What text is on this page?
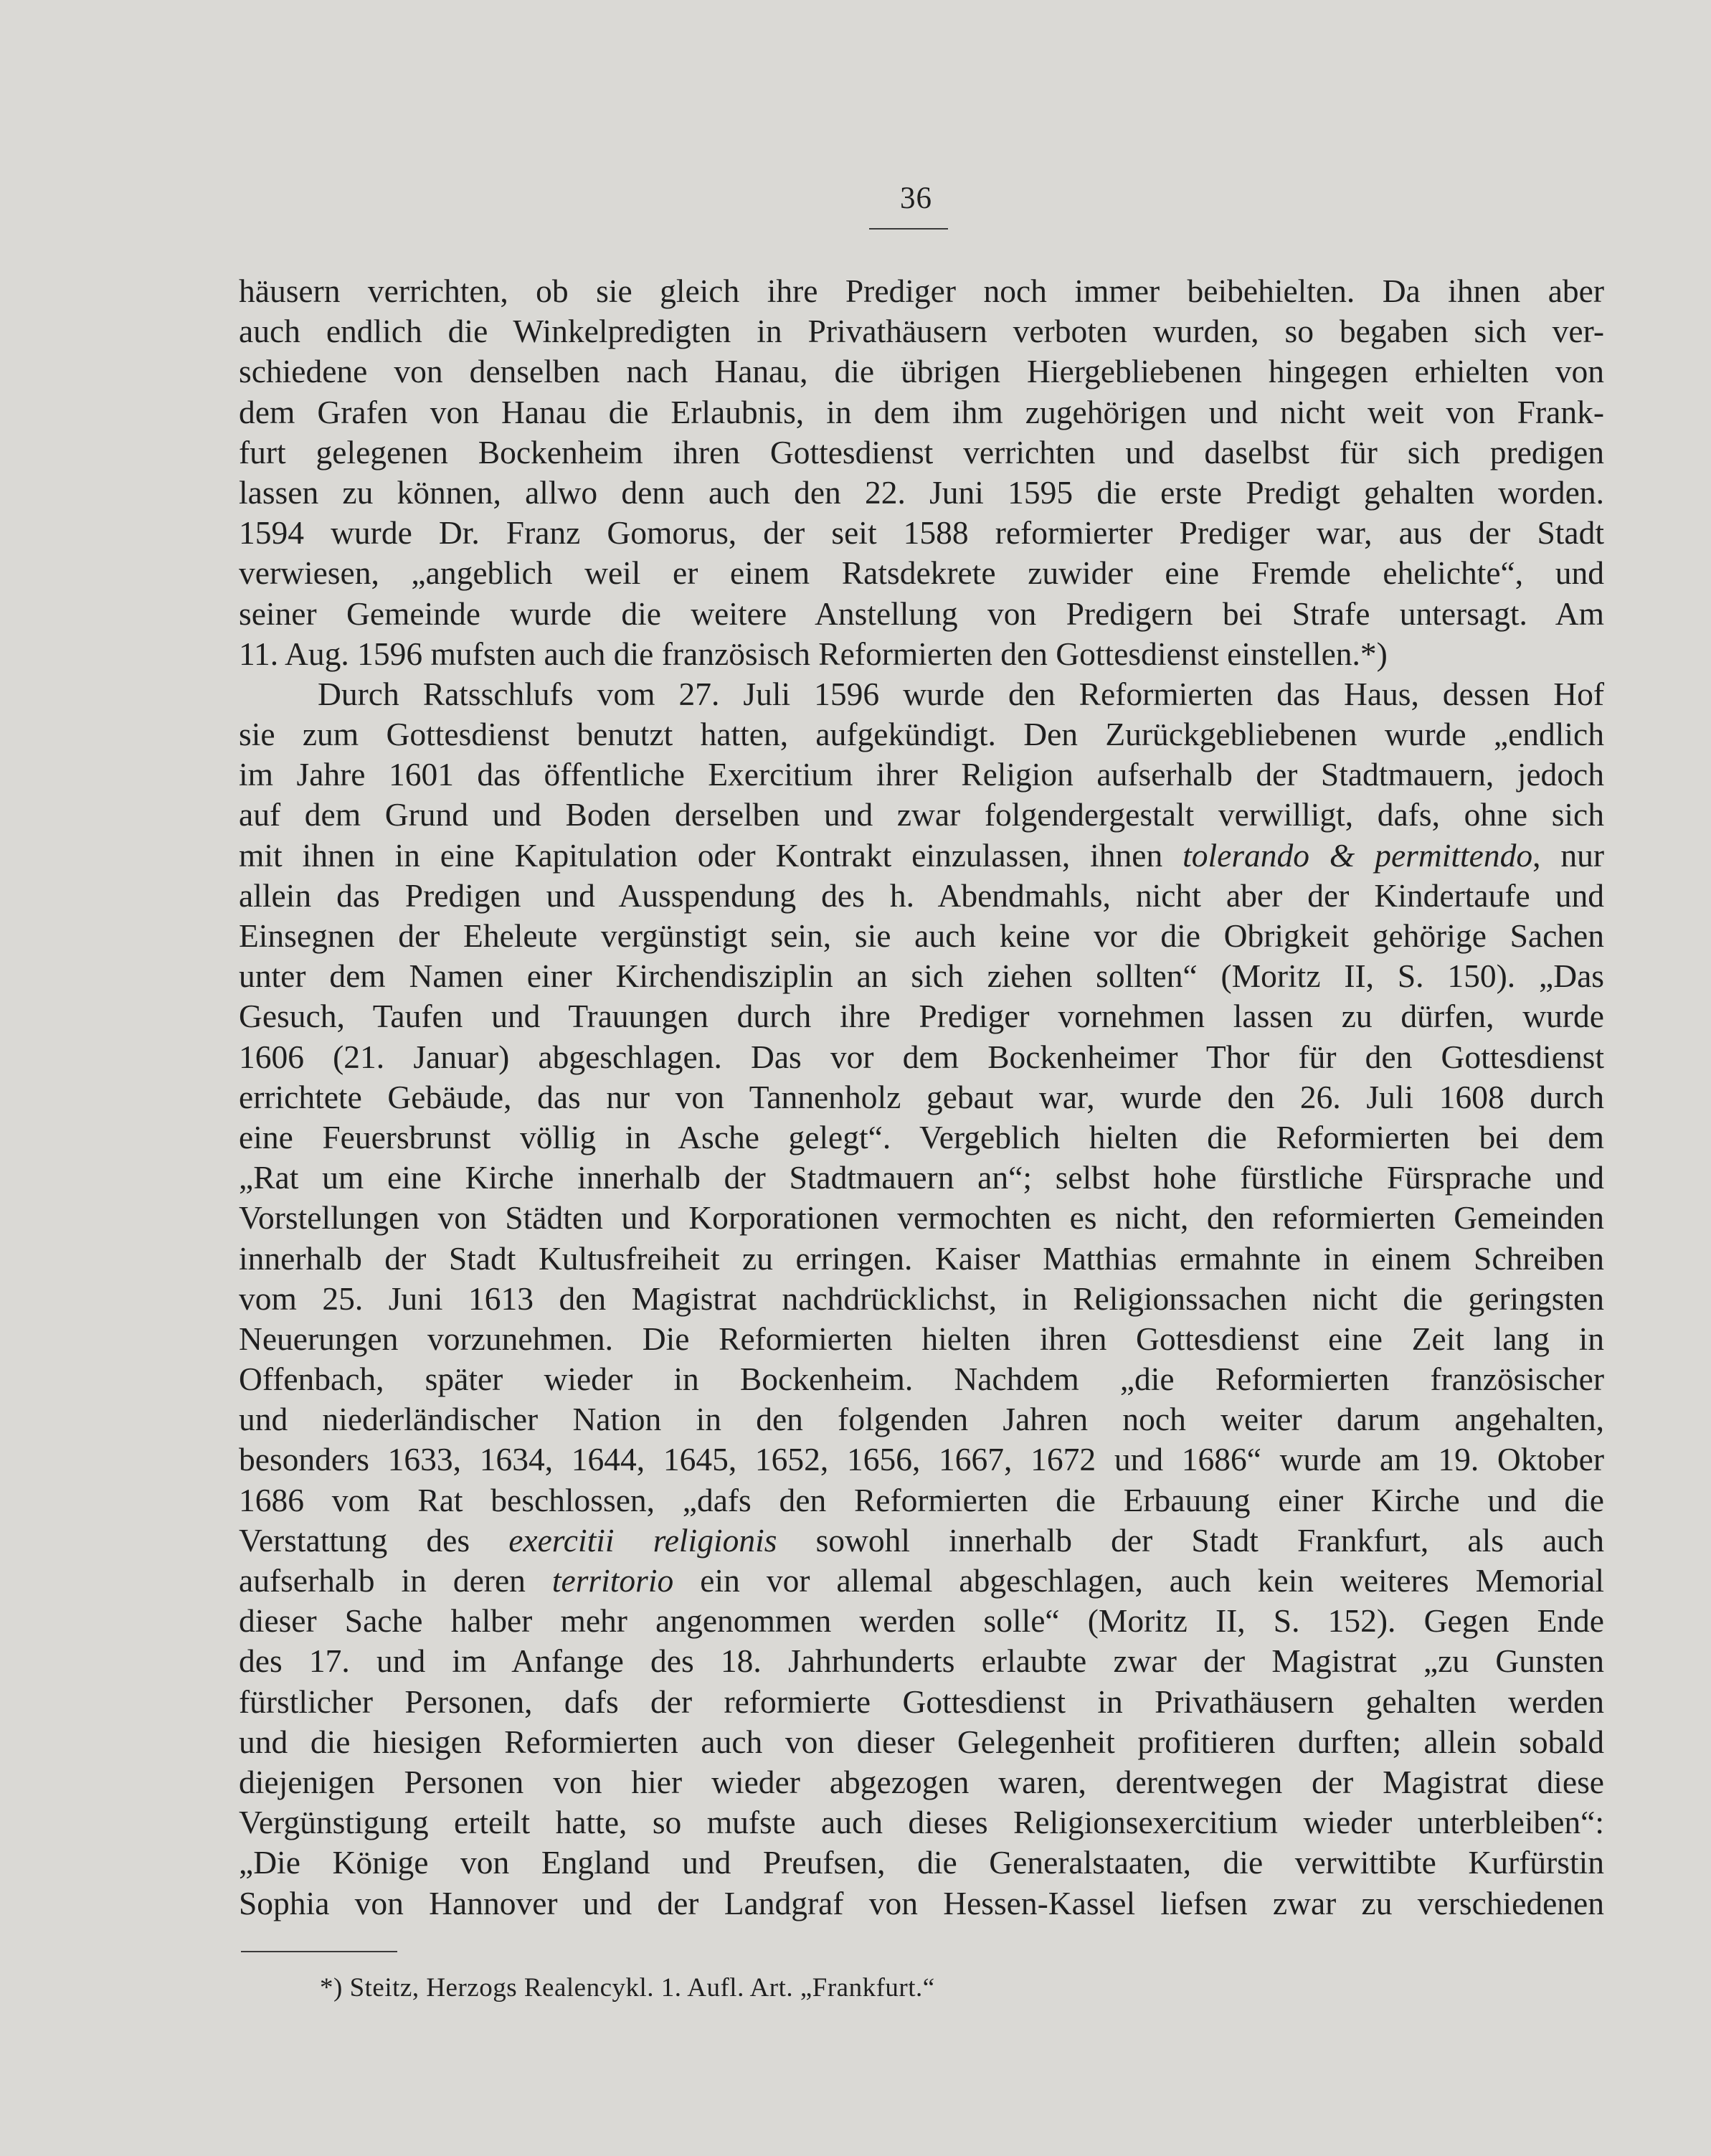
36
häusern verrichten, ob sie gleich ihre Prediger noch immer beibehielten. Da ihnen aber
auch endlich die Winkelpredigten in Privathäusern verboten wurden, so begaben sich ver-
schiedene von denselben nach Hanau, die übrigen Hiergebliebenen hingegen erhielten von
dem Grafen von Hanau die Erlaubnis, in dem ihm zugehörigen und nicht weit von Frank-
furt gelegenen Bockenheim ihren Gottesdienst verrichten und daselbst für sich predigen
lassen zu können, allwo denn auch den 22. Juni 1595 die erste Predigt gehalten worden.
1594 wurde Dr. Franz Gomorus, der seit 1588 reformierter Prediger war, aus der Stadt
verwiesen, „angeblich weil er einem Ratsdekrete zuwider eine Fremde ehelichte“, und
seiner Gemeinde wurde die weitere Anstellung von Predigern bei Strafe untersagt. Am
11. Aug. 1596 mufsten auch die französisch Reformierten den Gottesdienst einstellen.*)
Durch Ratsschlufs vom 27. Juli 1596 wurde den Reformierten das Haus, dessen Hof
sie zum Gottesdienst benutzt hatten, aufgekündigt. Den Zurückgebliebenen wurde „endlich
im Jahre 1601 das öffentliche Exercitium ihrer Religion aufserhalb der Stadtmauern, jedoch
auf dem Grund und Boden derselben und zwar folgendergestalt verwilligt, dafs, ohne sich
mit ihnen in eine Kapitulation oder Kontrakt einzulassen, ihnen tolerando & permittendo, nur
allein das Predigen und Ausspendung des h. Abendmahls, nicht aber der Kindertaufe und
Einsegnen der Eheleute vergünstigt sein, sie auch keine vor die Obrigkeit gehörige Sachen
unter dem Namen einer Kirchendisziplin an sich ziehen sollten“ (Moritz II, S. 150). „Das
Gesuch, Taufen und Trauungen durch ihre Prediger vornehmen lassen zu dürfen, wurde
1606 (21. Januar) abgeschlagen. Das vor dem Bockenheimer Thor für den Gottesdienst
errichtete Gebäude, das nur von Tannenholz gebaut war, wurde den 26. Juli 1608 durch
eine Feuersbrunst völlig in Asche gelegt“. Vergeblich hielten die Reformierten bei dem
„Rat um eine Kirche innerhalb der Stadtmauern an“; selbst hohe fürstliche Fürsprache und
Vorstellungen von Städten und Korporationen vermochten es nicht, den reformierten Gemeinden
innerhalb der Stadt Kultusfreiheit zu erringen. Kaiser Matthias ermahnte in einem Schreiben
vom 25. Juni 1613 den Magistrat nachdrücklichst, in Religionssachen nicht die geringsten
Neuerungen vorzunehmen. Die Reformierten hielten ihren Gottesdienst eine Zeit lang in
Offenbach, später wieder in Bockenheim. Nachdem „die Reformierten französischer
und niederländischer Nation in den folgenden Jahren noch weiter darum angehalten,
besonders 1633, 1634, 1644, 1645, 1652, 1656, 1667, 1672 und 1686“ wurde am 19. Oktober
1686 vom Rat beschlossen, „dafs den Reformierten die Erbauung einer Kirche und die
Verstattung des exercitii religionis sowohl innerhalb der Stadt Frankfurt, als auch
aufserhalb in deren territorio ein vor allemal abgeschlagen, auch kein weiteres Memorial
dieser Sache halber mehr angenommen werden solle“ (Moritz II, S. 152). Gegen Ende
des 17. und im Anfange des 18. Jahrhunderts erlaubte zwar der Magistrat „zu Gunsten
fürstlicher Personen, dafs der reformierte Gottesdienst in Privathäusern gehalten werden
und die hiesigen Reformierten auch von dieser Gelegenheit profitieren durften; allein sobald
diejenigen Personen von hier wieder abgezogen waren, derentwegen der Magistrat diese
Vergünstigung erteilt hatte, so mufste auch dieses Religionsexercitium wieder unterbleiben“:
„Die Könige von England und Preufsen, die Generalstaaten, die verwittibte Kurfürstin
Sophia von Hannover und der Landgraf von Hessen-Kassel liefsen zwar zu verschiedenen
*) Steitz, Herzogs Realencykl. 1. Aufl. Art. „Frankfurt.“
